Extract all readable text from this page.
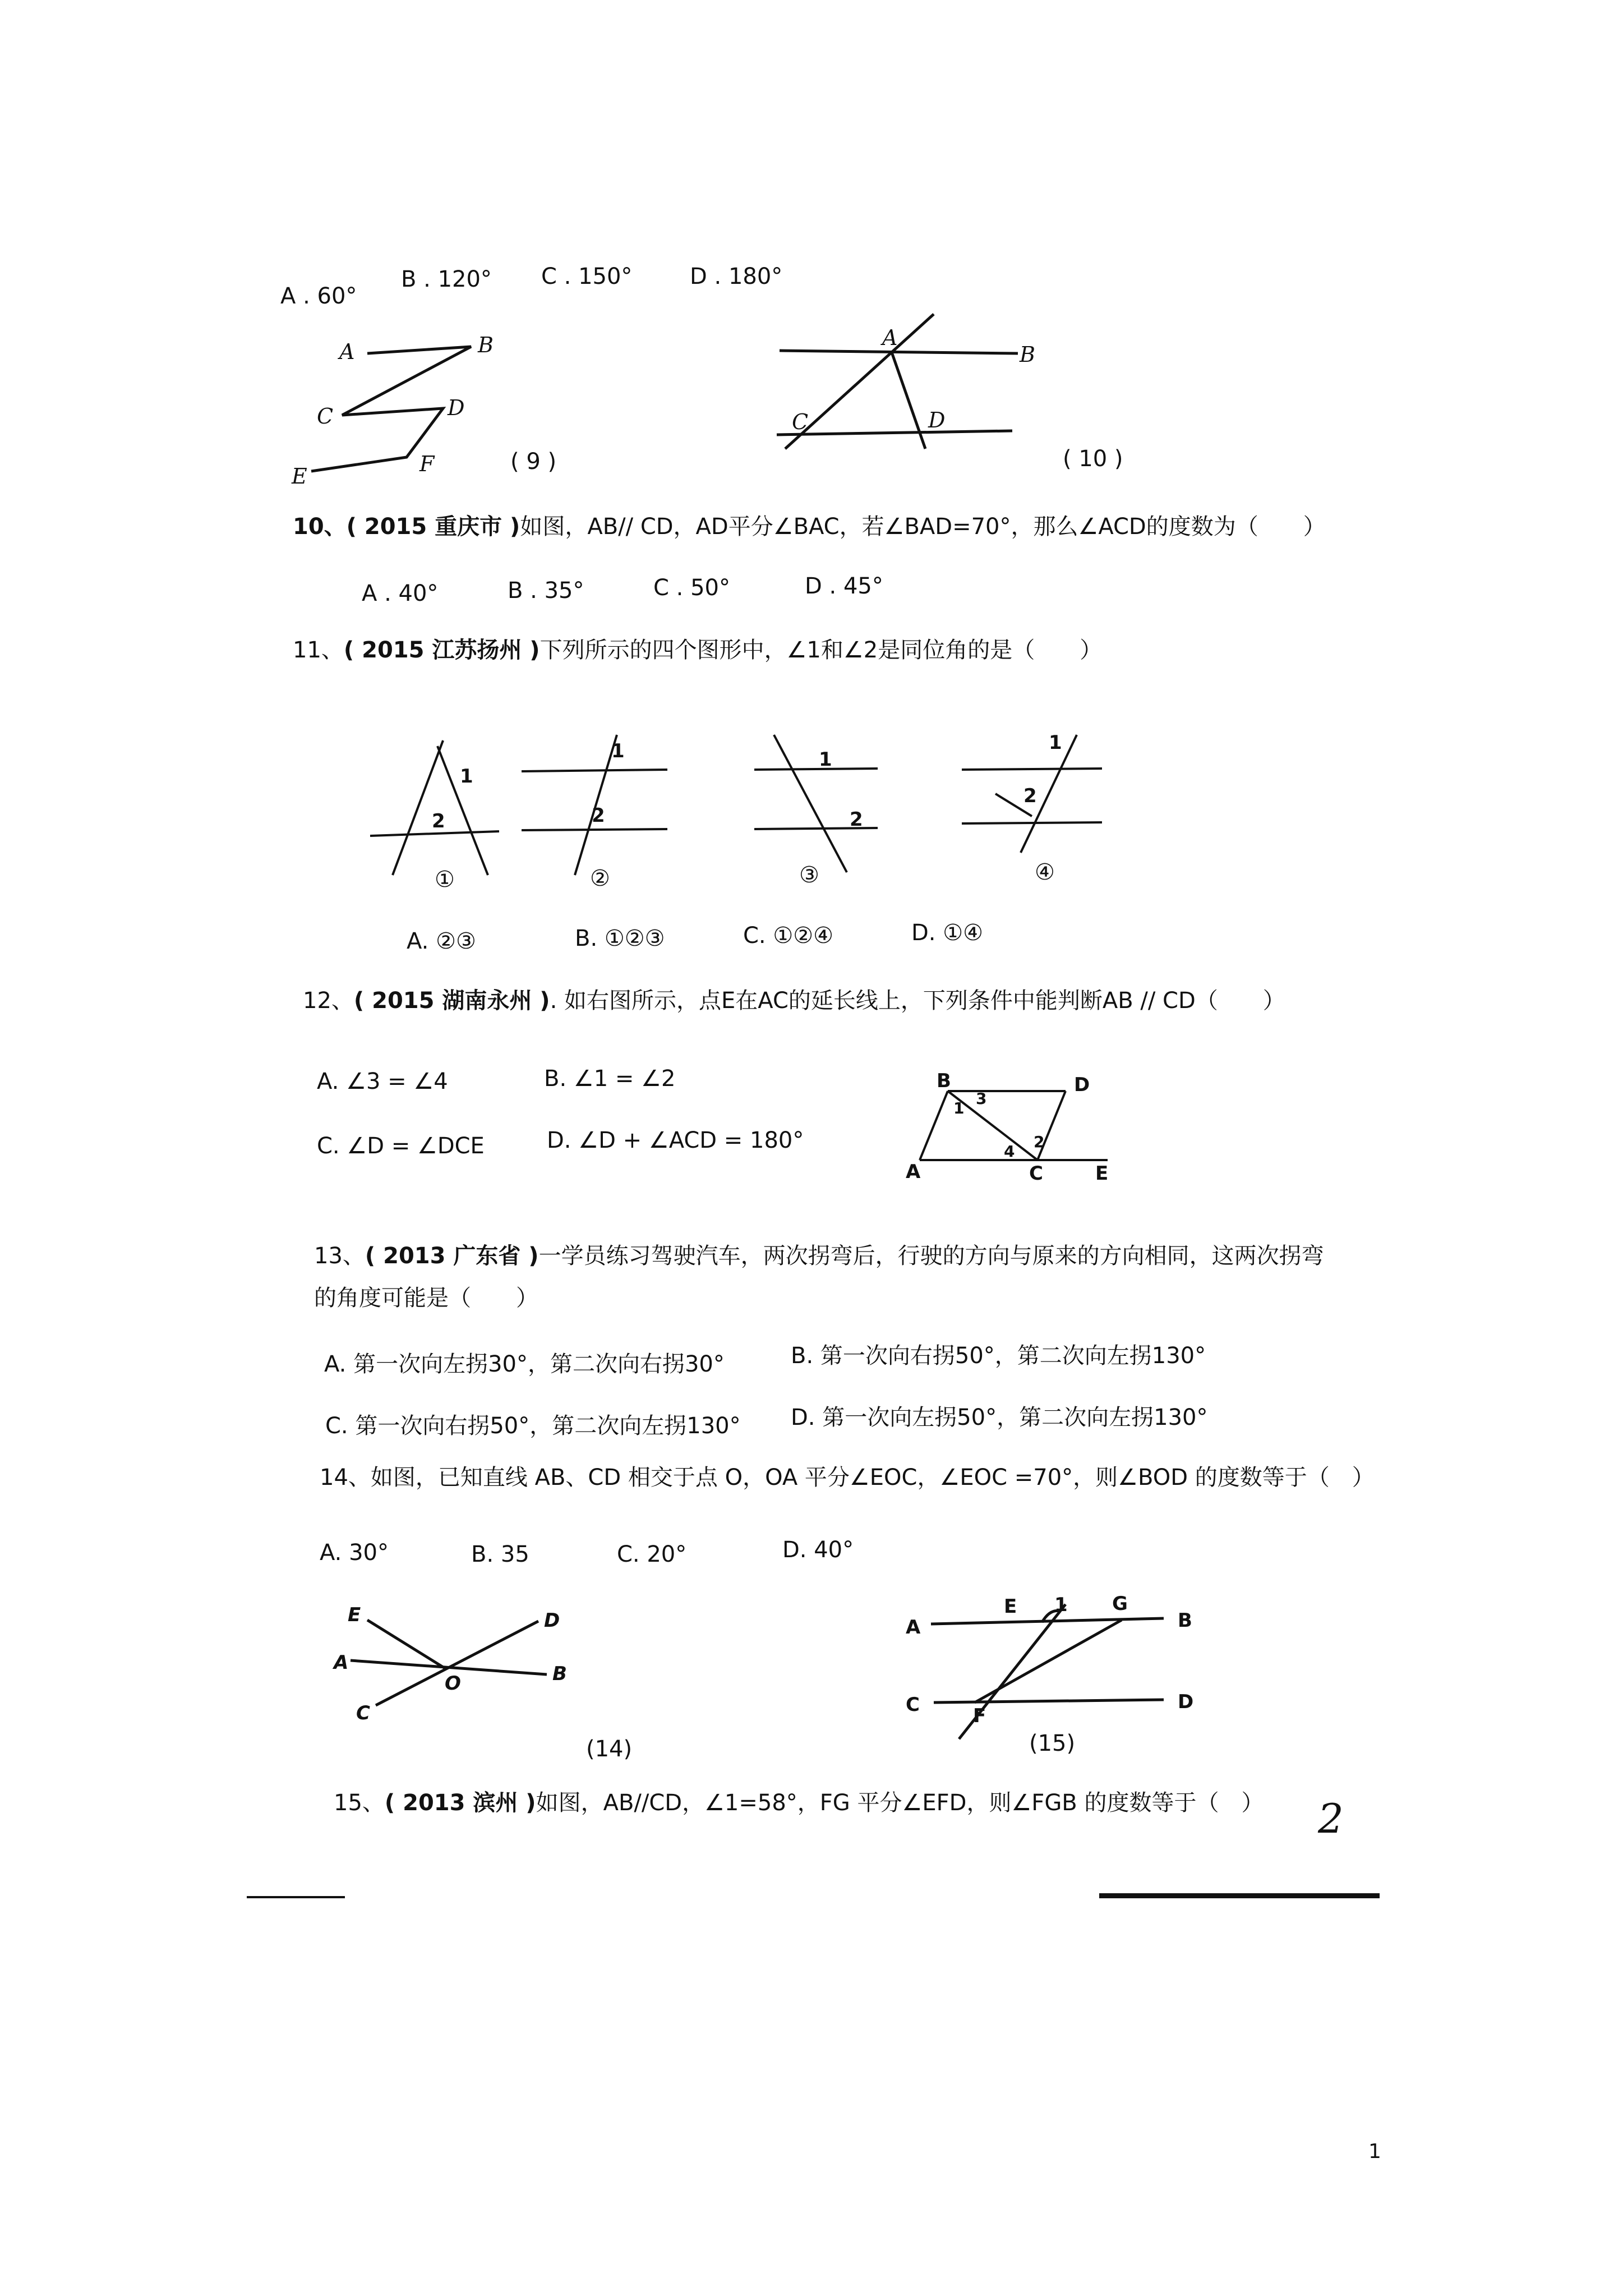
A . 60°
B . 120° C . 150°	D . 180°
A	B
C	D
E	F	( 9 )
A
B
C	D
( 10 )
10、( 2015 重庆市 )如图，AB// CD，AD平分∠BAC，若∠BAD=70°，那么∠ACD的度数为（　　）
A . 40°	B . 35°	C . 50°	D . 45°
11、( 2015 江苏扬州 )下列所示的四个图形中，∠1和∠2是同位角的是（　　）
1
2
1
2
1
2
1
2
①	②	③	④
A. ②③	B. ①②③	C. ①②④	D. ①④
12、( 2015 湖南永州 ). 如右图所示，点E在AC的延长线上，下列条件中能判断AB // CD（　　）
A. ∠3 = ∠4	B. ∠1 = ∠2
C. ∠D = ∠DCE	D. ∠D + ∠ACD = 180°
B	D
A	C	E
1
2
3
4
13、( 2013 广东省 )一学员练习驾驶汽车，两次拐弯后，行驶的方向与原来的方向相同，这两次拐弯
的角度可能是（　　）
A. 第一次向左拐30°，第二次向右拐30°	B. 第一次向右拐50°，第二次向左拐130°
C. 第一次向右拐50°，第二次向左拐130° D. 第一次向左拐50°，第二次向左拐130°
14、如图，已知直线 AB、CD 相交于点 O，OA 平分∠EOC，∠EOC =70°，则∠BOD 的度数等于（　）
A. 30°	B. 35	C. 20°	D. 40°
E	D
A
O	B
C
(14)
A
E 1 G
B
C	F
D
(15)
15、( 2013 滨州 )如图，AB//CD，∠1=58°，FG 平分∠EFD，则∠FGB 的度数等于（　） 2
1
